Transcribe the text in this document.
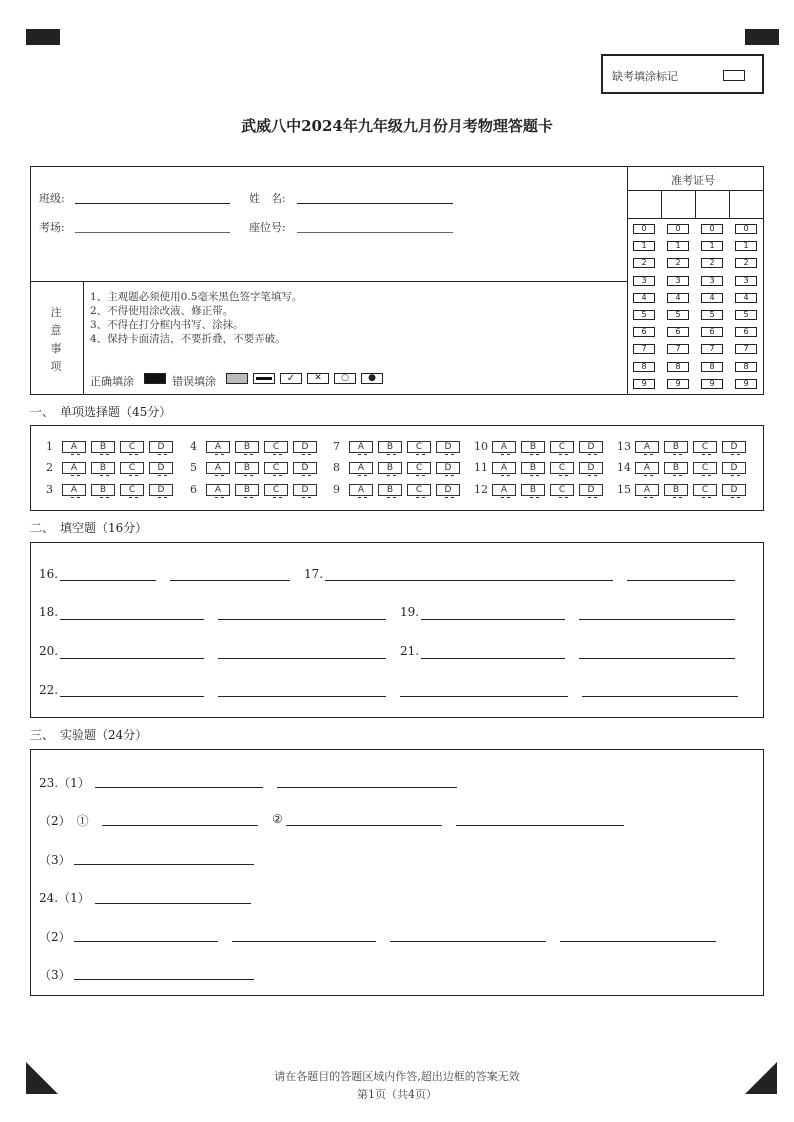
缺考填涂标记
武威八中2024年九年级九月份月考物理答题卡
班级:	姓　名:
考场:	座位号:
准考证号
0	0	0	0
1	1	1	1
2	2	2	2
3	3	3	3
4	4	4	4
5	5	5	5
6	6	6	6
7	7	7	7
8	8	8	8
9	9	9	9
注
意
事
项
1、主观题必须使用0.5毫米黑色签字笔填写。
2、不得使用涂改液、修正带。
3、不得在打分框内书写、涂抹。
4、保持卡面清洁，不要折叠，不要弄破。
正确填涂	错误填涂	✓	✕	○	●
一、　单项选择题（45分）
1	A	B	C	D
2	A	B	C	D
3	A	B	C	D
4	A	B	C	D
5	A	B	C	D
6	A	B	C	D
7	A	B	C	D
8	A	B	C	D
9	A	B	C	D
10	A	B	C	D
11	A	B	C	D
12	A	B	C	D
13	A	B	C	D
14	A	B	C	D
15	A	B	C	D
二、　填空题（16分）
16.	17.
18.	19.
20.	21.
22.
三、　实验题（24分）
23.（1）
（2）　①	②
（3）
24.（1）
（2）
（3）
请在各题目的答题区域内作答,超出边框的答案无效
第1页（共4页）
